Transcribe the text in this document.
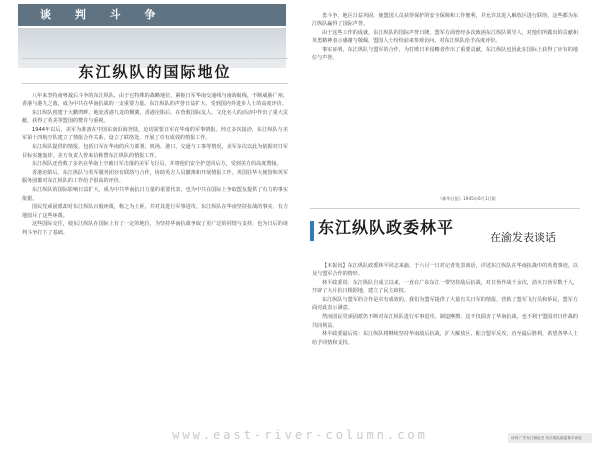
谈 判 斗 争
东江纵队的国际地位

八年来坚持南粤敌后斗争的东江纵队，由于它特殊的战略地位，紧扼日军华南交通线与南海航线，不断威胁广州、香港与港九之敌，成为中共在华南抗战的一支重要力量。东江纵队的声誉日益扩大，受到国内外进步人士的高度评价。

东江纵队创建于大鹏湾畔，地处香港九龙的侧翼，香港沦陷后，在营救国际友人、文化名人的活动中作出了重大贡献，获得了英美等盟国的赞许与重视。

1944年以后，美军为准备在中国东南沿海登陆，迫切需要日军在华南的军事情报。经过多次接洽，东江纵队与美军第十四航空队建立了情报合作关系，设立了联络处，开展了卓有成效的情报工作。

东江纵队提供的情报，包括日军在华南的兵力部署、机场、港口、交通与工事等情况，美军多次以此为依据对日军目标实施轰炸。美方负责人曾来信称赞东江纵队的情报工作。

东江纵队还营救了多名在华南上空被日军击落的美军飞行员，并将他们安全护送回后方，受到美方的高度赞扬。

香港沦陷后，东江纵队与英军服务团亦有联络与合作，协助英方人员撤离和开展情报工作。英国驻华大使馆和英军服务团都对东江纵队的工作给予很高的评价。

东江纵队的国际影响日益扩大，成为中共华南抗日力量的重要代表，也为中共在国际上争取盟友提供了有力的事实依据。

国民党顽固派却对东江纵队百般诬蔑，称之为土匪，并对其进行军事进攻。东江纵队在华南坚持抗战的事实，有力地驳斥了这些诬蔑。

这些国际交往，使东江纵队在国际上有了一定的地位，为坚持华南抗战争取了更广泛的同情与支持，也为日后的谈判斗争打下了基础。

勇斗争，地区日益巩固，使盟国人员获得保护的安全保障和工作便利，并允许其进入解放区进行联络，这些都为东江纵队赢得了国际声誉。

由于这些工作的成就，东江纵队的国际声誉日隆。盟军方面曾经多次致函东江纵队领导人，对他们所做出的贡献和英勇精神表示感谢与敬佩，盟国人士纷纷前来参观访问，对东江纵队给予高度评价。

事实证明，东江纵队与盟军的合作，为打败日本侵略者作出了重要贡献，东江纵队也因此在国际上获得了应有的地位与声誉。

《新华日报》1945年6月1日版
东江纵队政委林平
在渝发表谈话

【本报讯】东江纵队政委林平同志来渝，于六月一日对记者发表谈话，详述东江纵队在华南抗战中的英勇事迹，以及与盟军合作的情形。

林平政委说：东江纵队自成立以来，一直在广东东江一带坚持敌后抗战，对日伪作战千余次，消灭日伪军数千人，开辟了大片抗日根据地，建立了民主政权。

东江纵队与盟军的合作是卓有成效的。我们为盟军提供了大量有关日军的情报，营救了盟军飞行员和侨民，盟军方面对此表示满意。

然而国民党顽固派仍不断对东江纵队进行军事进攻，制造摩擦，这不仅损害了华南抗战，也不利于盟国对日作战的共同利益。

林平政委最后说：东江纵队将继续坚持华南敌后抗战，扩大解放区，配合盟军反攻，直至最后胜利，希望各界人士给予同情和支持。

www.east-river-column.com	谈判·广东东江纵队史 东江纵队政委林平谈话
